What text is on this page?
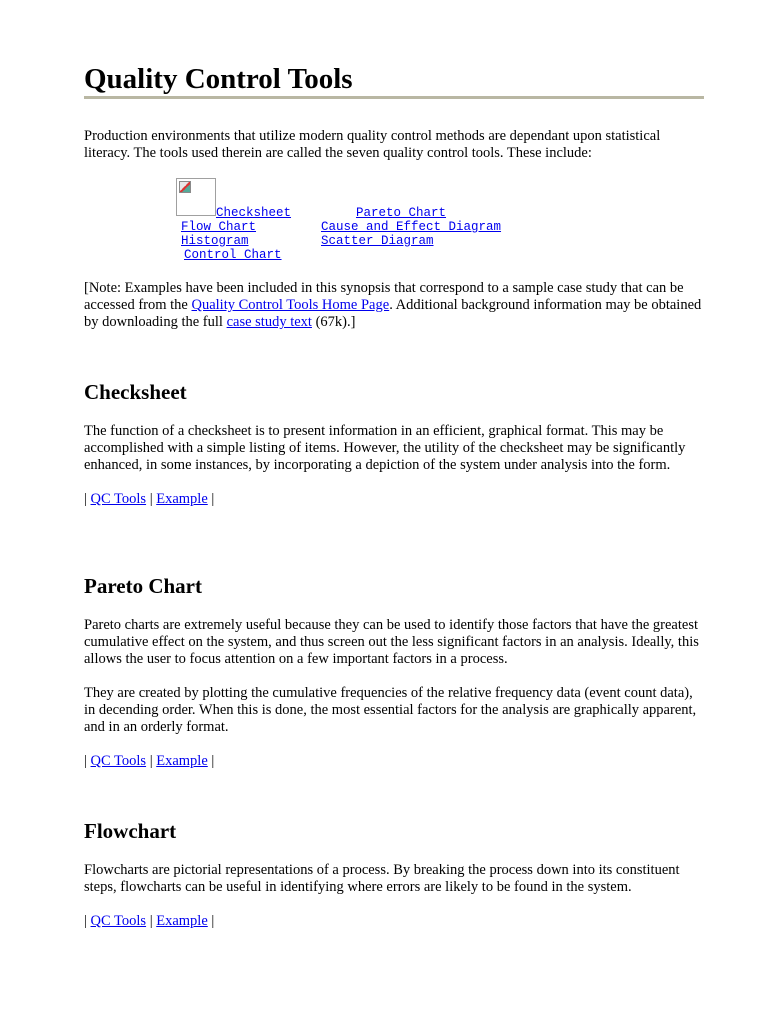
Quality Control Tools

Production environments that utilize modern quality control methods are dependant upon statistical literacy. The tools used therein are called the seven quality control tools. These include:

Checksheet	Pareto Chart
Flow Chart	Cause and Effect Diagram
Histogram	Scatter Diagram
Control Chart

[Note: Examples have been included in this synopsis that correspond to a sample case study that can be accessed from the Quality Control Tools Home Page. Additional background information may be obtained by downloading the full case study text (67k).]

Checksheet

The function of a checksheet is to present information in an efficient, graphical format. This may be accomplished with a simple listing of items. However, the utility of the checksheet may be significantly enhanced, in some instances, by incorporating a depiction of the system under analysis into the form.

| QC Tools | Example |

Pareto Chart

Pareto charts are extremely useful because they can be used to identify those factors that have the greatest cumulative effect on the system, and thus screen out the less significant factors in an analysis. Ideally, this allows the user to focus attention on a few important factors in a process.

They are created by plotting the cumulative frequencies of the relative frequency data (event count data), in decending order. When this is done, the most essential factors for the analysis are graphically apparent, and in an orderly format.

| QC Tools | Example |

Flowchart

Flowcharts are pictorial representations of a process. By breaking the process down into its constituent steps, flowcharts can be useful in identifying where errors are likely to be found in the system.

| QC Tools | Example |
